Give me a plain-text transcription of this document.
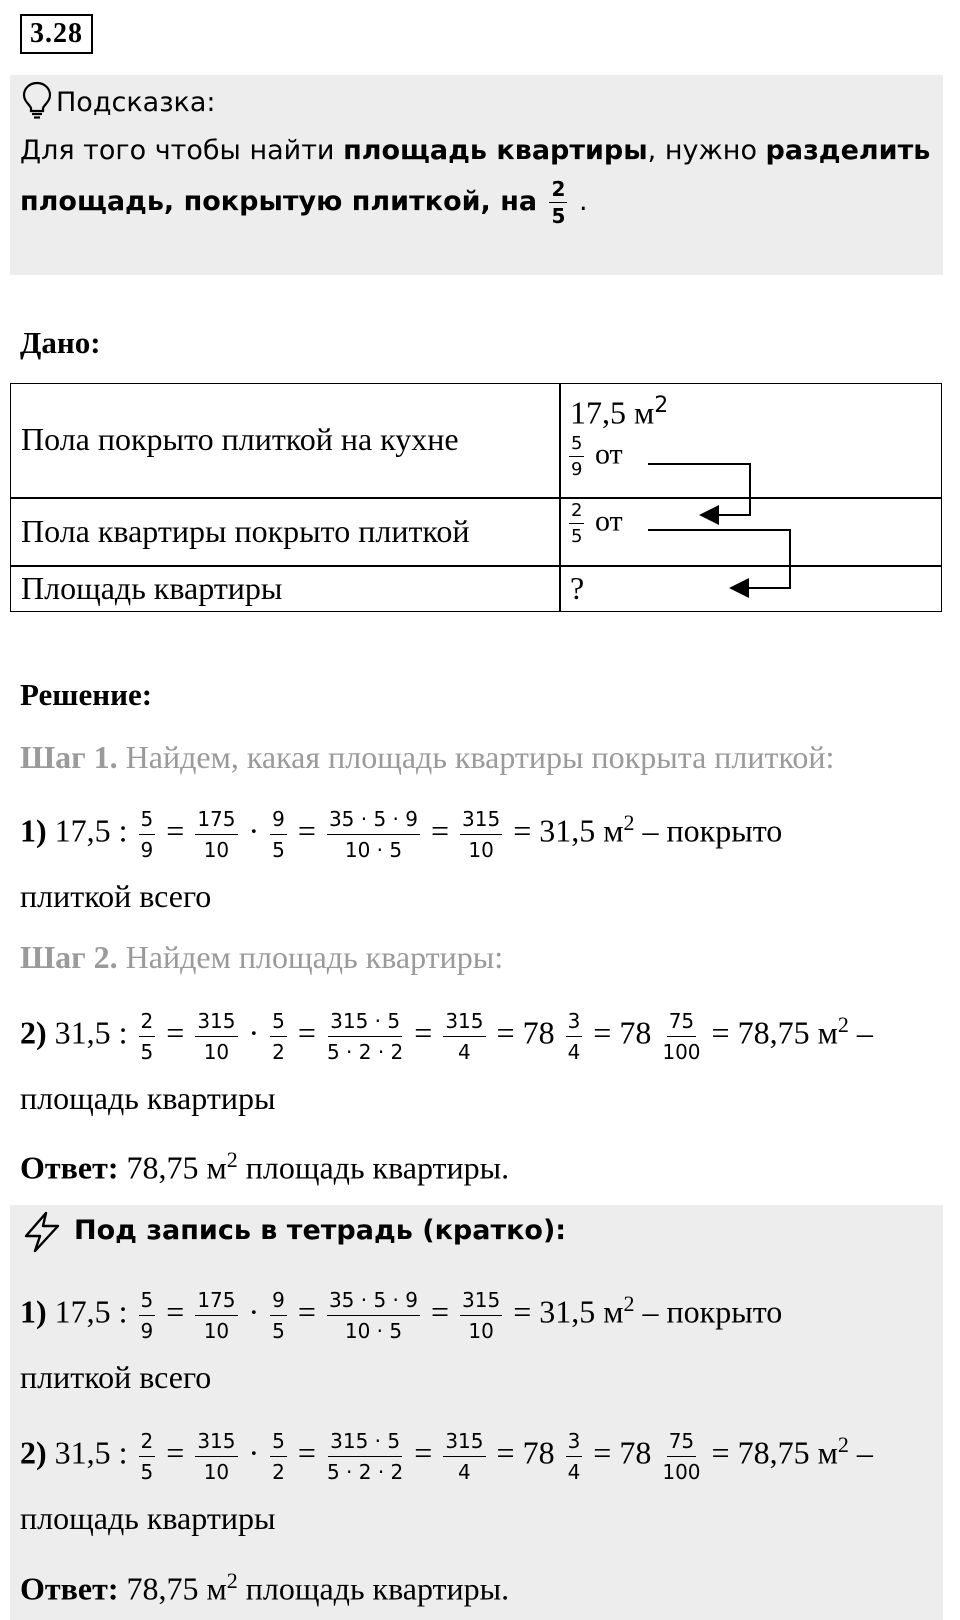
3.28
Подсказка:
Для того чтобы найти площадь квартиры, нужно разделить
площадь, покрытую плиткой, на $\frac{2}{5}$ .
Дано:
Пола покрыто плиткой на кухне
17,5 $м^2$
$\frac{5}{9}$ от
Пола квартиры покрыто плиткой	$\frac{2}{5}$ от
Площадь квартиры	?
Решение:
Шаг 1. Найдем, какая площадь квартиры покрыта плиткой:
1) 17,5 : $\frac{5}{9} = \frac{175}{10} \cdot \frac{9}{5} = \frac{35 \cdot 5 \cdot 9}{10 \cdot 5} = \frac{315}{10} = 31,5$ $м^2$ – покрыто
плиткой всего
Шаг 2. Найдем площадь квартиры:
2) 31,5 : $\frac{2}{5} = \frac{315}{10} \cdot \frac{5}{2} = \frac{315 \cdot 5}{5 \cdot 2 \cdot 2} = \frac{315}{4} = 78 \frac{3}{4} = 78 \frac{75}{100} = 78,75$ $м^2$ –
площадь квартиры
Ответ: 78,75 $м^2$ площадь квартиры.
Под запись в тетрадь (кратко):
1) 17,5 : $\frac{5}{9} = \frac{175}{10} \cdot \frac{9}{5} = \frac{35 \cdot 5 \cdot 9}{10 \cdot 5} = \frac{315}{10} = 31,5$ $м^2$ – покрыто
плиткой всего
2) 31,5 : $\frac{2}{5} = \frac{315}{10} \cdot \frac{5}{2} = \frac{315 \cdot 5}{5 \cdot 2 \cdot 2} = \frac{315}{4} = 78 \frac{3}{4} = 78 \frac{75}{100} = 78,75$ $м^2$ –
площадь квартиры
Ответ: 78,75 $м^2$ площадь квартиры.
